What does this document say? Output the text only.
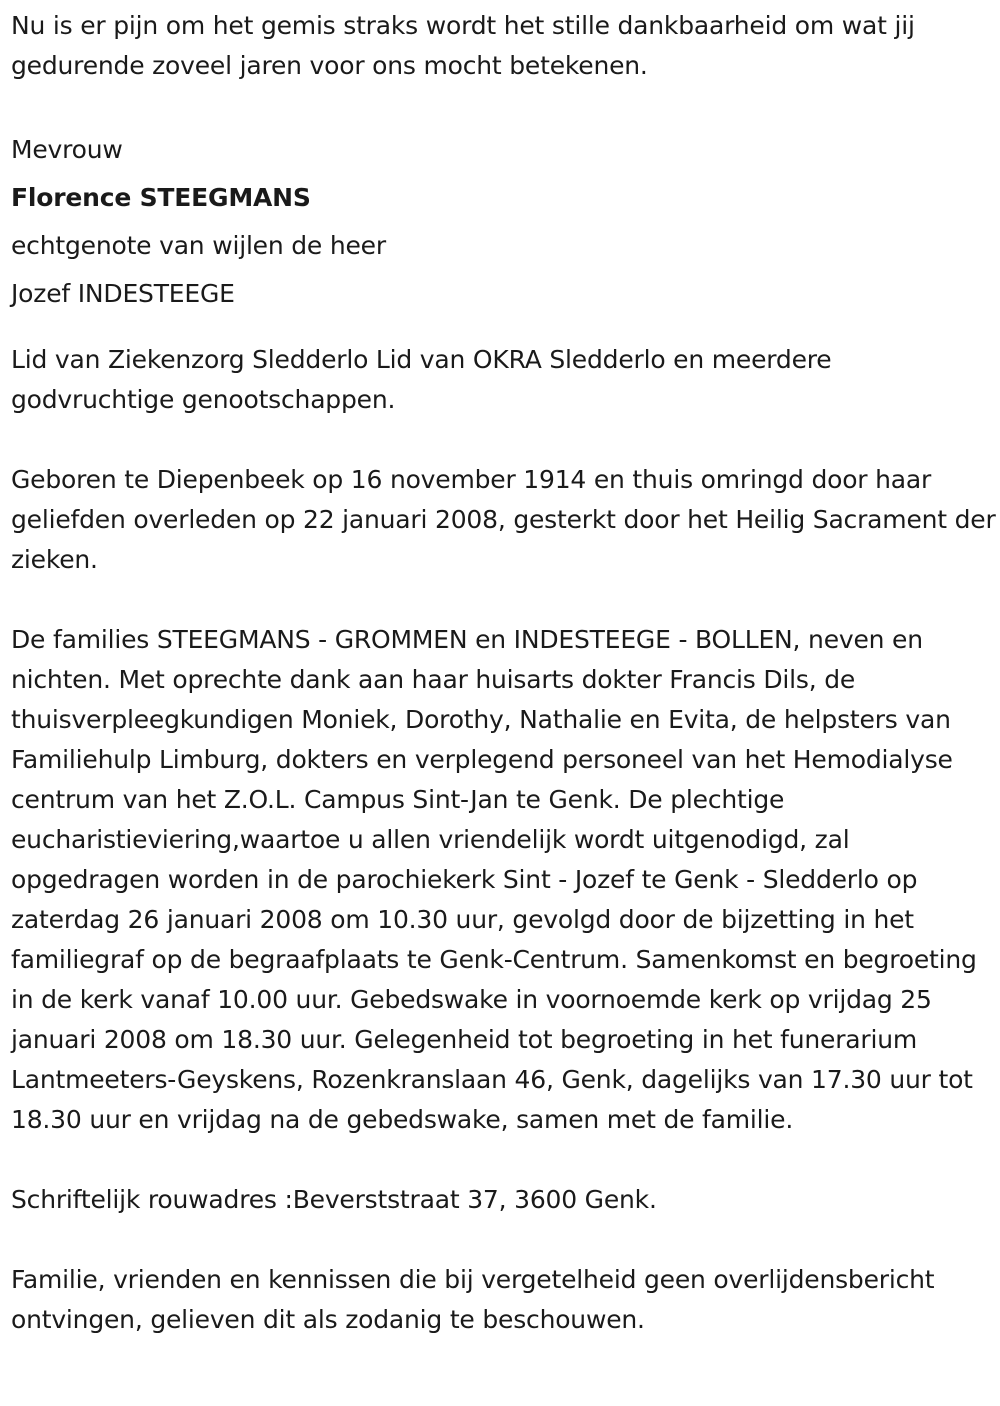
Nu is er pijn om het gemis straks wordt het stille dankbaarheid om wat jij gedurende zoveel jaren voor ons mocht betekenen.

Mevrouw
Florence STEEGMANS
echtgenote van wijlen de heer
Jozef INDESTEEGE

Lid van Ziekenzorg Sledderlo Lid van OKRA Sledderlo en meerdere godvruchtige genootschappen.

Geboren te Diepenbeek op 16 november 1914 en thuis omringd door haar geliefden overleden op 22 januari 2008, gesterkt door het Heilig Sacrament der zieken.

De families STEEGMANS - GROMMEN en INDESTEEGE - BOLLEN, neven en nichten. Met oprechte dank aan haar huisarts dokter Francis Dils, de thuisverpleegkundigen Moniek, Dorothy, Nathalie en Evita, de helpsters van Familiehulp Limburg, dokters en verplegend personeel van het Hemodialyse centrum van het Z.O.L. Campus Sint-Jan te Genk. De plechtige eucharistieviering,waartoe u allen vriendelijk wordt uitgenodigd, zal opgedragen worden in de parochiekerk Sint - Jozef te Genk - Sledderlo op zaterdag 26 januari 2008 om 10.30 uur, gevolgd door de bijzetting in het familiegraf op de begraafplaats te Genk-Centrum. Samenkomst en begroeting in de kerk vanaf 10.00 uur. Gebedswake in voornoemde kerk op vrijdag 25 januari 2008 om 18.30 uur. Gelegenheid tot begroeting in het funerarium Lantmeeters-Geyskens, Rozenkranslaan 46, Genk, dagelijks van 17.30 uur tot 18.30 uur en vrijdag na de gebedswake, samen met de familie.

Schriftelijk rouwadres :Beverststraat 37, 3600 Genk.

Familie, vrienden en kennissen die bij vergetelheid geen overlijdensbericht ontvingen, gelieven dit als zodanig te beschouwen.
